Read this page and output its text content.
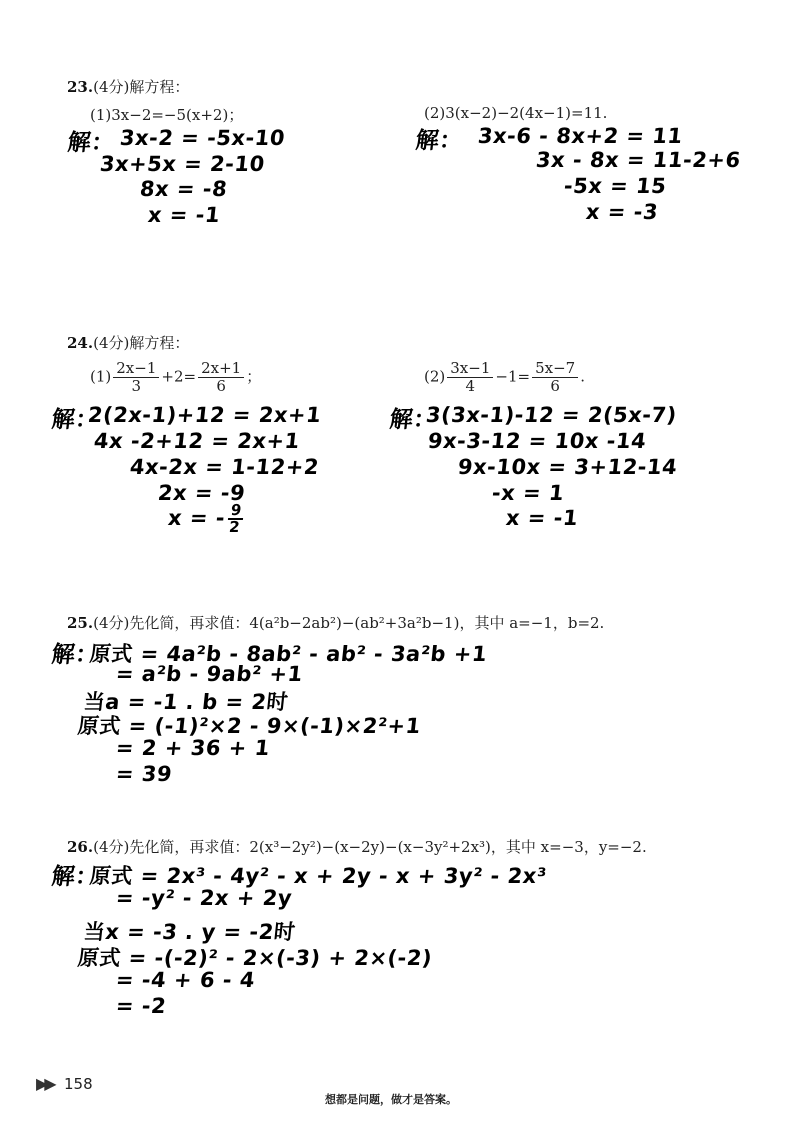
23.(4分)解方程：
(1)3x−2=−5(x+2)；	(2)3(x−2)−2(4x−1)=11.
解： 3x-2 = -5x-10
3x+5x = 2-10
8x = -8
x = -1
解： 3x-6 - 8x+2 = 11
3x - 8x = 11-2+6
-5x = 15
x = -3
24.(4分)解方程：
$(1) \frac{2x-1}{3} +2= \frac{2x+1}{6}$ ；	$(2) \frac{3x-1}{4} -1= \frac{5x-7}{6}$ .
解：
2(2x-1)+12 = 2x+1
4x -2+12 = 2x+1
4x-2x = 1-12+2
2x = -9
x = - $\frac{9}{2}$
解：
3(3x-1)-12 = 2(5x-7)
9x-3-12 = 10x -14
9x-10x = 3+12-14
-x = 1
x = -1
25.(4分)先化简，再求值：4(a²b−2ab²)−(ab²+3a²b−1)，其中 a=−1，b=2.
解：
原式 = 4a²b - 8ab² - ab² - 3a²b +1
= a²b - 9ab² +1
当a = -1 . b = 2时
原式 = (-1)²×2 - 9×(-1)×2²+1
= 2 + 36 + 1
= 39
26.(4分)先化简，再求值：2(x³−2y²)−(x−2y)−(x−3y²+2x³)，其中 x=−3，y=−2.
解：
原式 = 2x³ - 4y² - x + 2y - x + 3y² - 2x³
= -y² - 2x + 2y
当x = -3 . y = -2时
原式 = -(-2)² - 2×(-3) + 2×(-2)
= -4 + 6 - 4
= -2
▶▶ 158
想都是问题，做才是答案。
